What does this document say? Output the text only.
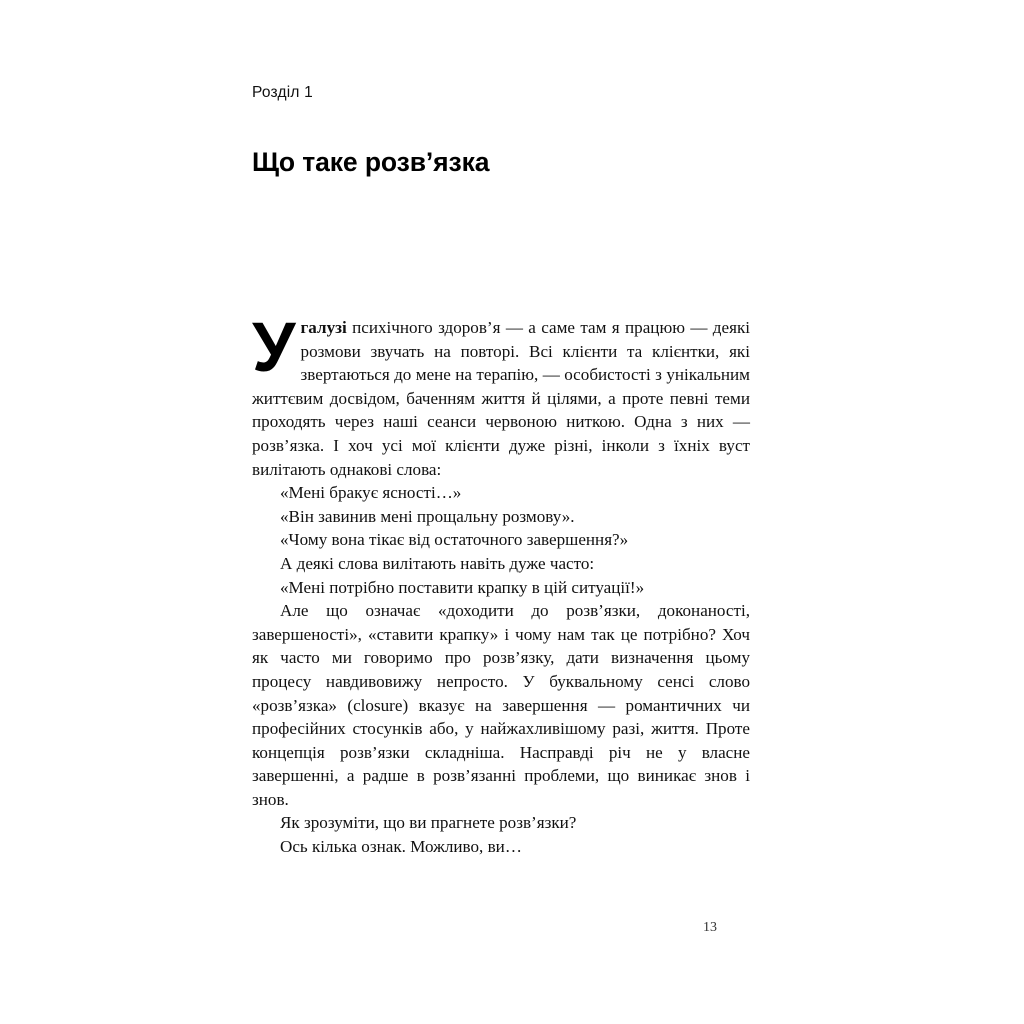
Розділ 1
Що таке розв’язка

Угалузі психічного здоров’я — а саме там я працюю — деякі розмови звучать на повторі. Всі клієнти та клієнтки, які звертаються до мене на терапію, — особистості з унікальним життєвим досвідом, баченням життя й цілями, а проте певні теми проходять через наші сеанси червоною ниткою. Одна з них — розв’язка. І хоч усі мої клієнти дуже різні, інколи з їхніх вуст вилітають однакові слова:

«Мені бракує ясності…»

«Він завинив мені прощальну розмову».

«Чому вона тікає від остаточного завершення?»

А деякі слова вилітають навіть дуже часто:

«Мені потрібно поставити крапку в цій ситуації!»

Але що означає «доходити до розв’язки, доконаності, завершеності», «ставити крапку» і чому нам так це потрібно? Хоч як часто ми говоримо про розв’язку, дати визначення цьому процесу навдивовижу непросто. У буквальному сенсі слово «розв’язка» (closure) вказує на завершення — романтичних чи професійних стосунків або, у найжахливішому разі, життя. Проте концепція розв’язки складніша. Насправді річ не у власне завершенні, а радше в розв’язанні проблеми, що виникає знов і знов.

Як зрозуміти, що ви прагнете розв’язки?

Ось кілька ознак. Можливо, ви…

13
